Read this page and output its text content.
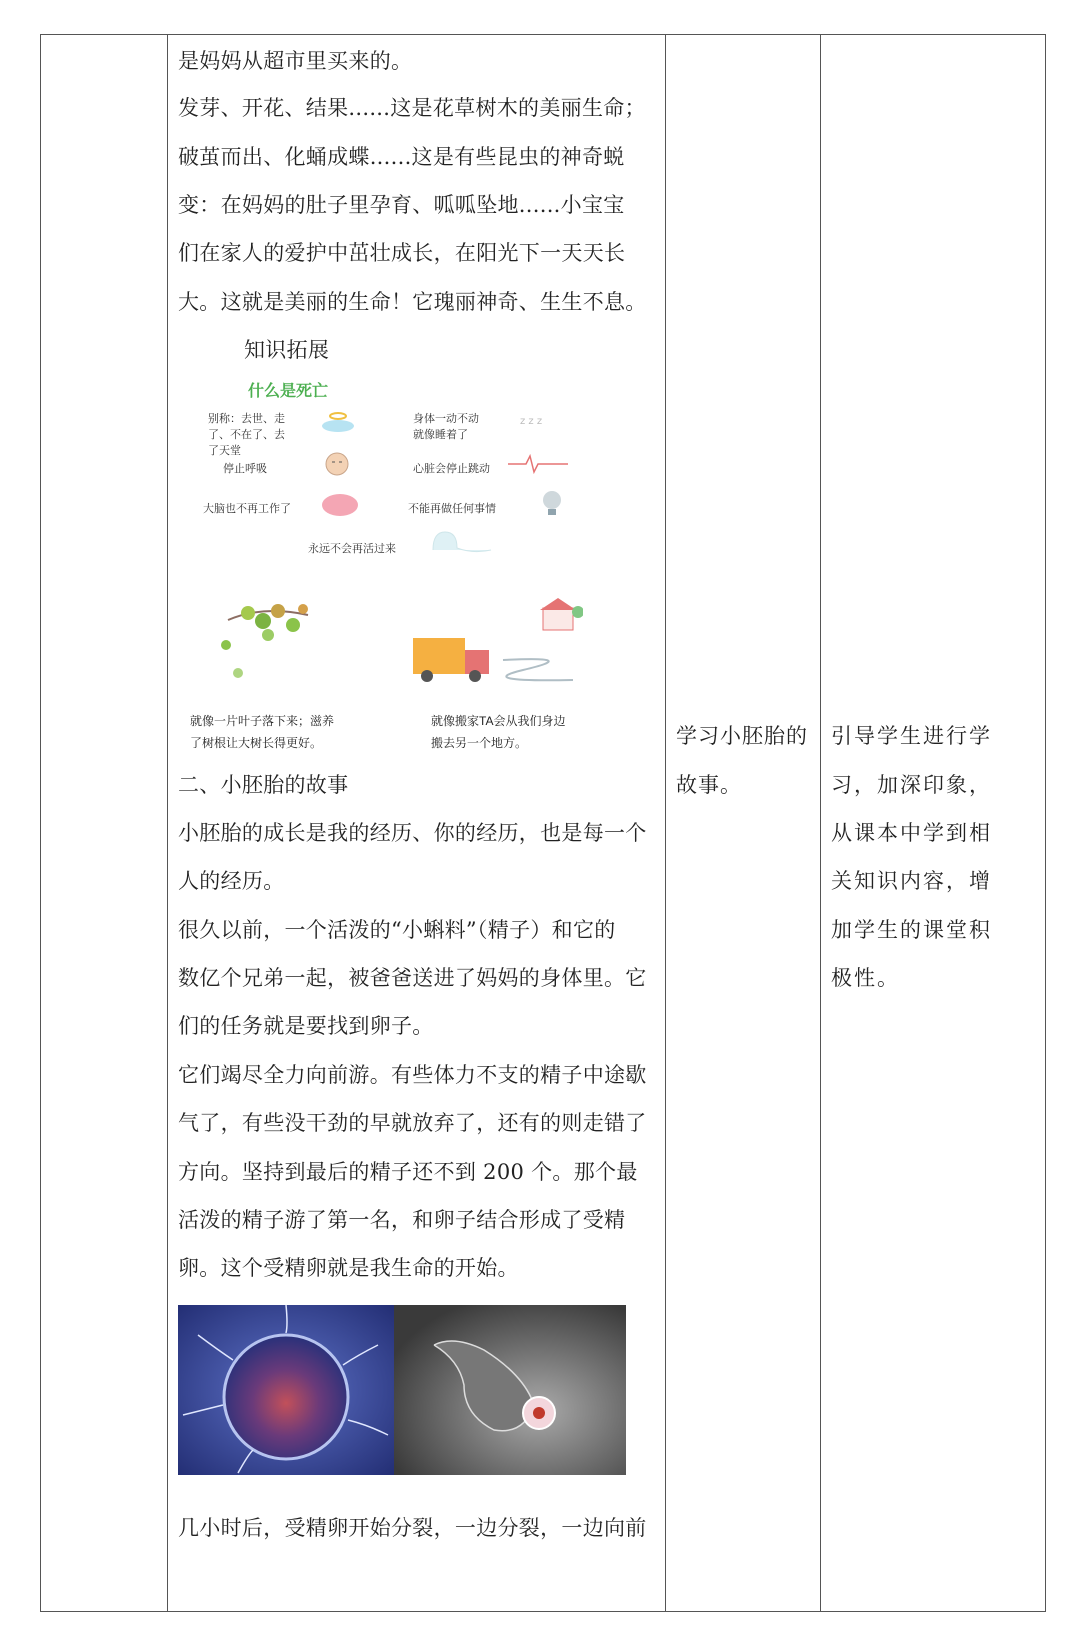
是妈妈从超市里买来的。
发芽、开花、结果......这是花草树木的美丽生命；
破茧而出、化蛹成蝶......这是有些昆虫的神奇蜕
变：在妈妈的肚子里孕育、呱呱坠地......小宝宝
们在家人的爱护中茁壮成长，在阳光下一天天长
大。这就是美丽的生命！它瑰丽神奇、生生不息。
知识拓展
什么是死亡
别称：去世、走了、不在了、去了天堂
身体一动不动 就像睡着了
z z z
停止呼吸	心脏会停止跳动
大脑也不再工作了	不能再做任何事情
永远不会再活过来
就像一片叶子落下来；滋养
了树根让大树长得更好。
就像搬家TA会从我们身边
搬去另一个地方。
二、小胚胎的故事
小胚胎的成长是我的经历、你的经历，也是每一个
人的经历。
很久以前，一个活泼的“小蝌料”（精子）和它的
数亿个兄弟一起，被爸爸送进了妈妈的身体里。它
们的任务就是要找到卵子。
它们竭尽全力向前游。有些体力不支的精子中途歇
气了，有些没干劲的早就放弃了，还有的则走错了
方向。坚持到最后的精子还不到 200 个。那个最
活泼的精子游了第一名，和卵子结合形成了受精
卵。这个受精卵就是我生命的开始。
几小时后，受精卵开始分裂，一边分裂，一边向前
学习小胚胎的
故事。
引导学生进行学
习，加深印象，
从课本中学到相
关知识内容，增
加学生的课堂积
极性。
